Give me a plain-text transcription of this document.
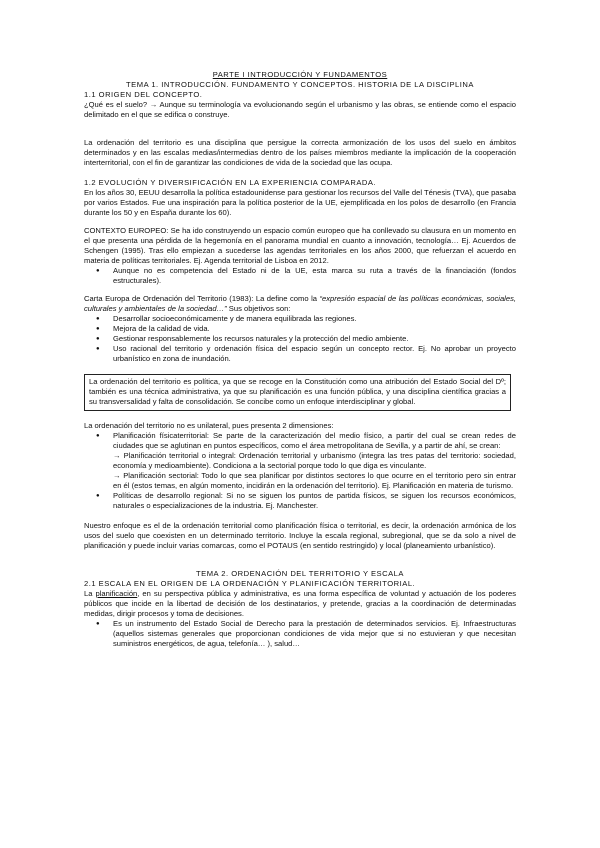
PARTE I INTRODUCCIÓN Y FUNDAMENTOS
TEMA 1. INTRODUCCIÓN. FUNDAMENTO Y CONCEPTOS. HISTORIA DE LA DISCIPLINA
1.1 ORIGEN DEL CONCEPTO.

¿Qué es el suelo? → Aunque su terminología va evolucionando según el urbanismo y las obras, se entiende como el espacio delimitado en el que se edifica o construye.

La ordenación del territorio es una disciplina que persigue la correcta armonización de los usos del suelo en ámbitos determinados y en las escalas medias/intermedias dentro de los países miembros mediante la implicación de la cooperación interterritorial, con el fin de garantizar las condiciones de vida de la sociedad que las ocupa.

1.2 EVOLUCIÓN Y DIVERSIFICACIÓN EN LA EXPERIENCIA COMPARADA.

En los años 30, EEUU desarrolla la política estadounidense para gestionar los recursos del Valle del Ténesis (TVA), que pasaba por varios Estados. Fue una inspiración para la política posterior de la UE, ejemplificada en los polos de desarrollo (en Francia durante los 50 y en España durante los 60).

CONTEXTO EUROPEO: Se ha ido construyendo un espacio común europeo que ha conllevado su clausura en un momento en el que presenta una pérdida de la hegemonía en el panorama mundial en cuanto a innovación, tecnología… Ej. Acuerdos de Schengen (1995). Tras ello empiezan a sucederse las agendas territoriales en los años 2000, que refuerzan el acuerdo en materia de políticas territoriales. Ej. Agenda territorial de Lisboa en 2012.

● Aunque no es competencia del Estado ni de la UE, esta marca su ruta a través de la financiación (fondos estructurales).

Carta Europa de Ordenación del Territorio (1983): La define como la “expresión espacial de las políticas económicas, sociales, culturales y ambientales de la sociedad…” Sus objetivos son:

● Desarrollar socioeconómicamente y de manera equilibrada las regiones.
● Mejora de la calidad de vida.
● Gestionar responsablemente los recursos naturales y la protección del medio ambiente.
● Uso racional del territorio y ordenación física del espacio según un concepto rector. Ej. No aprobar un proyecto urbanístico en zona de inundación.

La ordenación del territorio es política, ya que se recoge en la Constitución como una atribución del Estado Social del Dº; también es una técnica administrativa, ya que su planificación es una función pública, y una disciplina científica gracias a su transversalidad y falta de consolidación. Se concibe como un enfoque interdisciplinar y global.

La ordenación del territorio no es unilateral, pues presenta 2 dimensiones:

● Planificación físicaterritorial: Se parte de la caracterización del medio físico, a partir del cual se crean redes de ciudades que se aglutinan en puntos específicos, como el área metropolitana de Sevilla, y a partir de ahí, se crean:
→ Planificación territorial o integral: Ordenación territorial y urbanismo (integra las tres patas del territorio: sociedad, economía y medioambiente). Condiciona a la sectorial porque todo lo que diga es vinculante.
→ Planificación sectorial: Todo lo que sea planificar por distintos sectores lo que ocurre en el territorio pero sin entrar en él (estos temas, en algún momento, incidirán en la ordenación del territorio). Ej. Planificación en materia de turismo.
● Políticas de desarrollo regional: Si no se siguen los puntos de partida físicos, se siguen los recursos económicos, naturales o especializaciones de la industria. Ej. Manchester.

Nuestro enfoque es el de la ordenación territorial como planificación física o territorial, es decir, la ordenación armónica de los usos del suelo que coexisten en un determinado territorio. Incluye la escala regional, subregional, que se da solo a nivel de planificación y puede incluir varias comarcas, como el POTAUS (en sentido restringido) y local (planeamiento urbanístico).

TEMA 2. ORDENACIÓN DEL TERRITORIO Y ESCALA
2.1 ESCALA EN EL ORIGEN DE LA ORDENACIÓN Y PLANIFICACIÓN TERRITORIAL.

La planificación, en su perspectiva pública y administrativa, es una forma específica de voluntad y actuación de los poderes públicos que incide en la libertad de decisión de los destinatarios, y pretende, gracias a la coordinación de determinadas medidas, dirigir procesos y toma de decisiones.

● Es un instrumento del Estado Social de Derecho para la prestación de determinados servicios. Ej. Infraestructuras (aquellos sistemas generales que proporcionan condiciones de vida mejor que si no estuvieran y que necesitan suministros energéticos, de agua, telefonía… ), salud…
